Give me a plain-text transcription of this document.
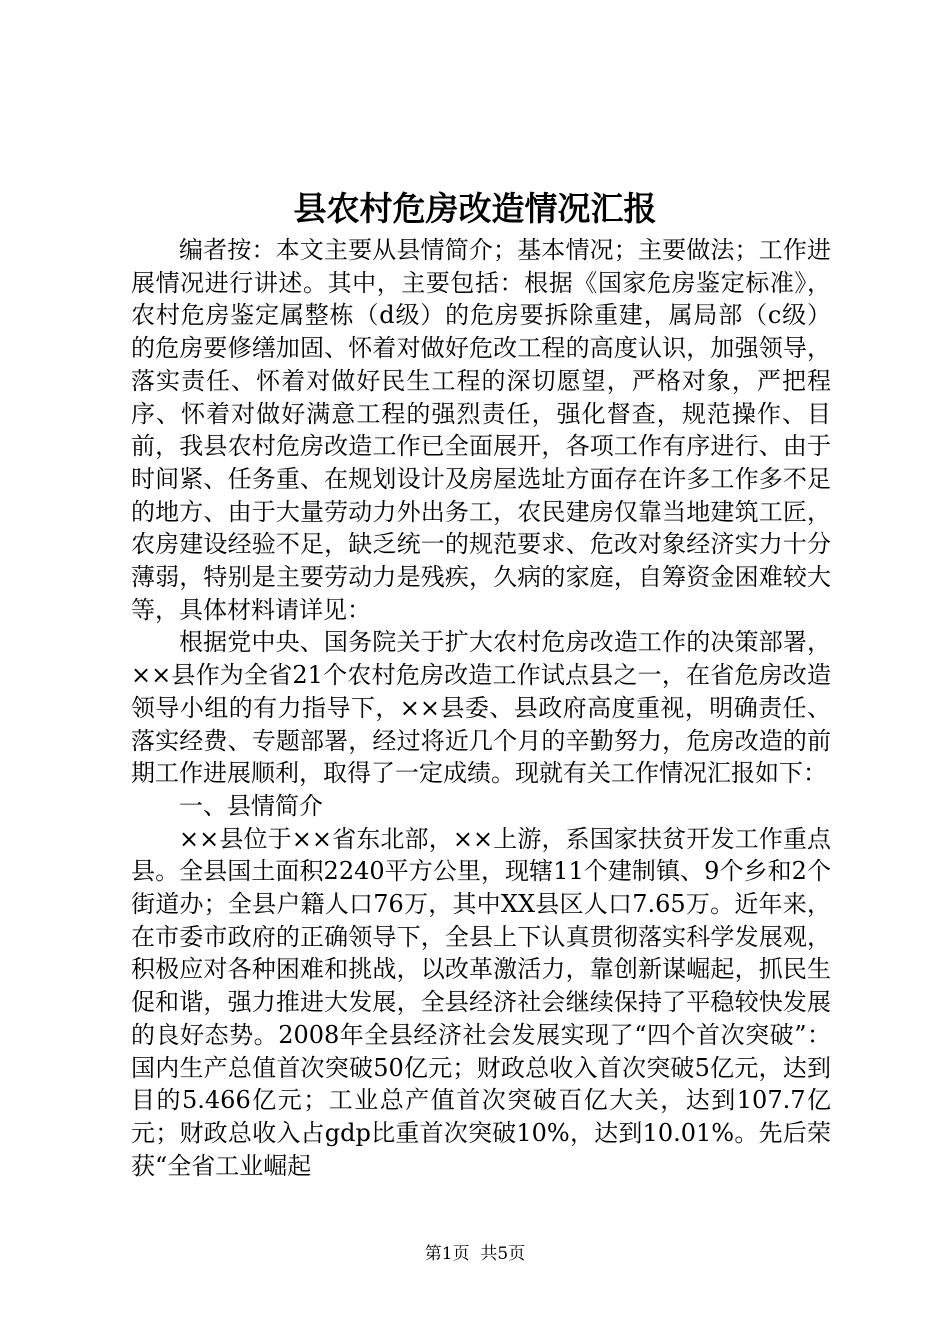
县农村危房改造情况汇报

编者按：本文主要从县情简介；基本情况；主要做法；工作进展情况进行讲述。其中，主要包括：根据《国家危房鉴定标准》，农村危房鉴定属整栋（d级）的危房要拆除重建，属局部（c级）的危房要修缮加固、怀着对做好危改工程的高度认识，加强领导，落实责任、怀着对做好民生工程的深切愿望，严格对象，严把程序、怀着对做好满意工程的强烈责任，强化督查，规范操作、目前，我县农村危房改造工作已全面展开，各项工作有序进行、由于时间紧、任务重、在规划设计及房屋选址方面存在许多工作多不足的地方、由于大量劳动力外出务工，农民建房仅靠当地建筑工匠，农房建设经验不足，缺乏统一的规范要求、危改对象经济实力十分薄弱，特别是主要劳动力是残疾，久病的家庭，自筹资金困难较大等，具体材料请详见：

根据党中央、国务院关于扩大农村危房改造工作的决策部署，××县作为全省21个农村危房改造工作试点县之一，在省危房改造领导小组的有力指导下，××县委、县政府高度重视，明确责任、落实经费、专题部署，经过将近几个月的辛勤努力，危房改造的前期工作进展顺利，取得了一定成绩。现就有关工作情况汇报如下：

一、县情简介

××县位于××省东北部，××上游，系国家扶贫开发工作重点县。全县国土面积2240平方公里，现辖11个建制镇、9个乡和2个街道办；全县户籍人口76万，其中XX县区人口7.65万。近年来，在市委市政府的正确领导下，全县上下认真贯彻落实科学发展观，积极应对各种困难和挑战，以改革激活力，靠创新谋崛起，抓民生促和谐，强力推进大发展，全县经济社会继续保持了平稳较快发展的良好态势。2008年全县经济社会发展实现了“四个首次突破”：国内生产总值首次突破50亿元；财政总收入首次突破5亿元，达到目的5.466亿元；工业总产值首次突破百亿大关，达到107.7亿元；财政总收入占gdp比重首次突破10%，达到10.01%。先后荣获“全省工业崛起

第1页  共5页
